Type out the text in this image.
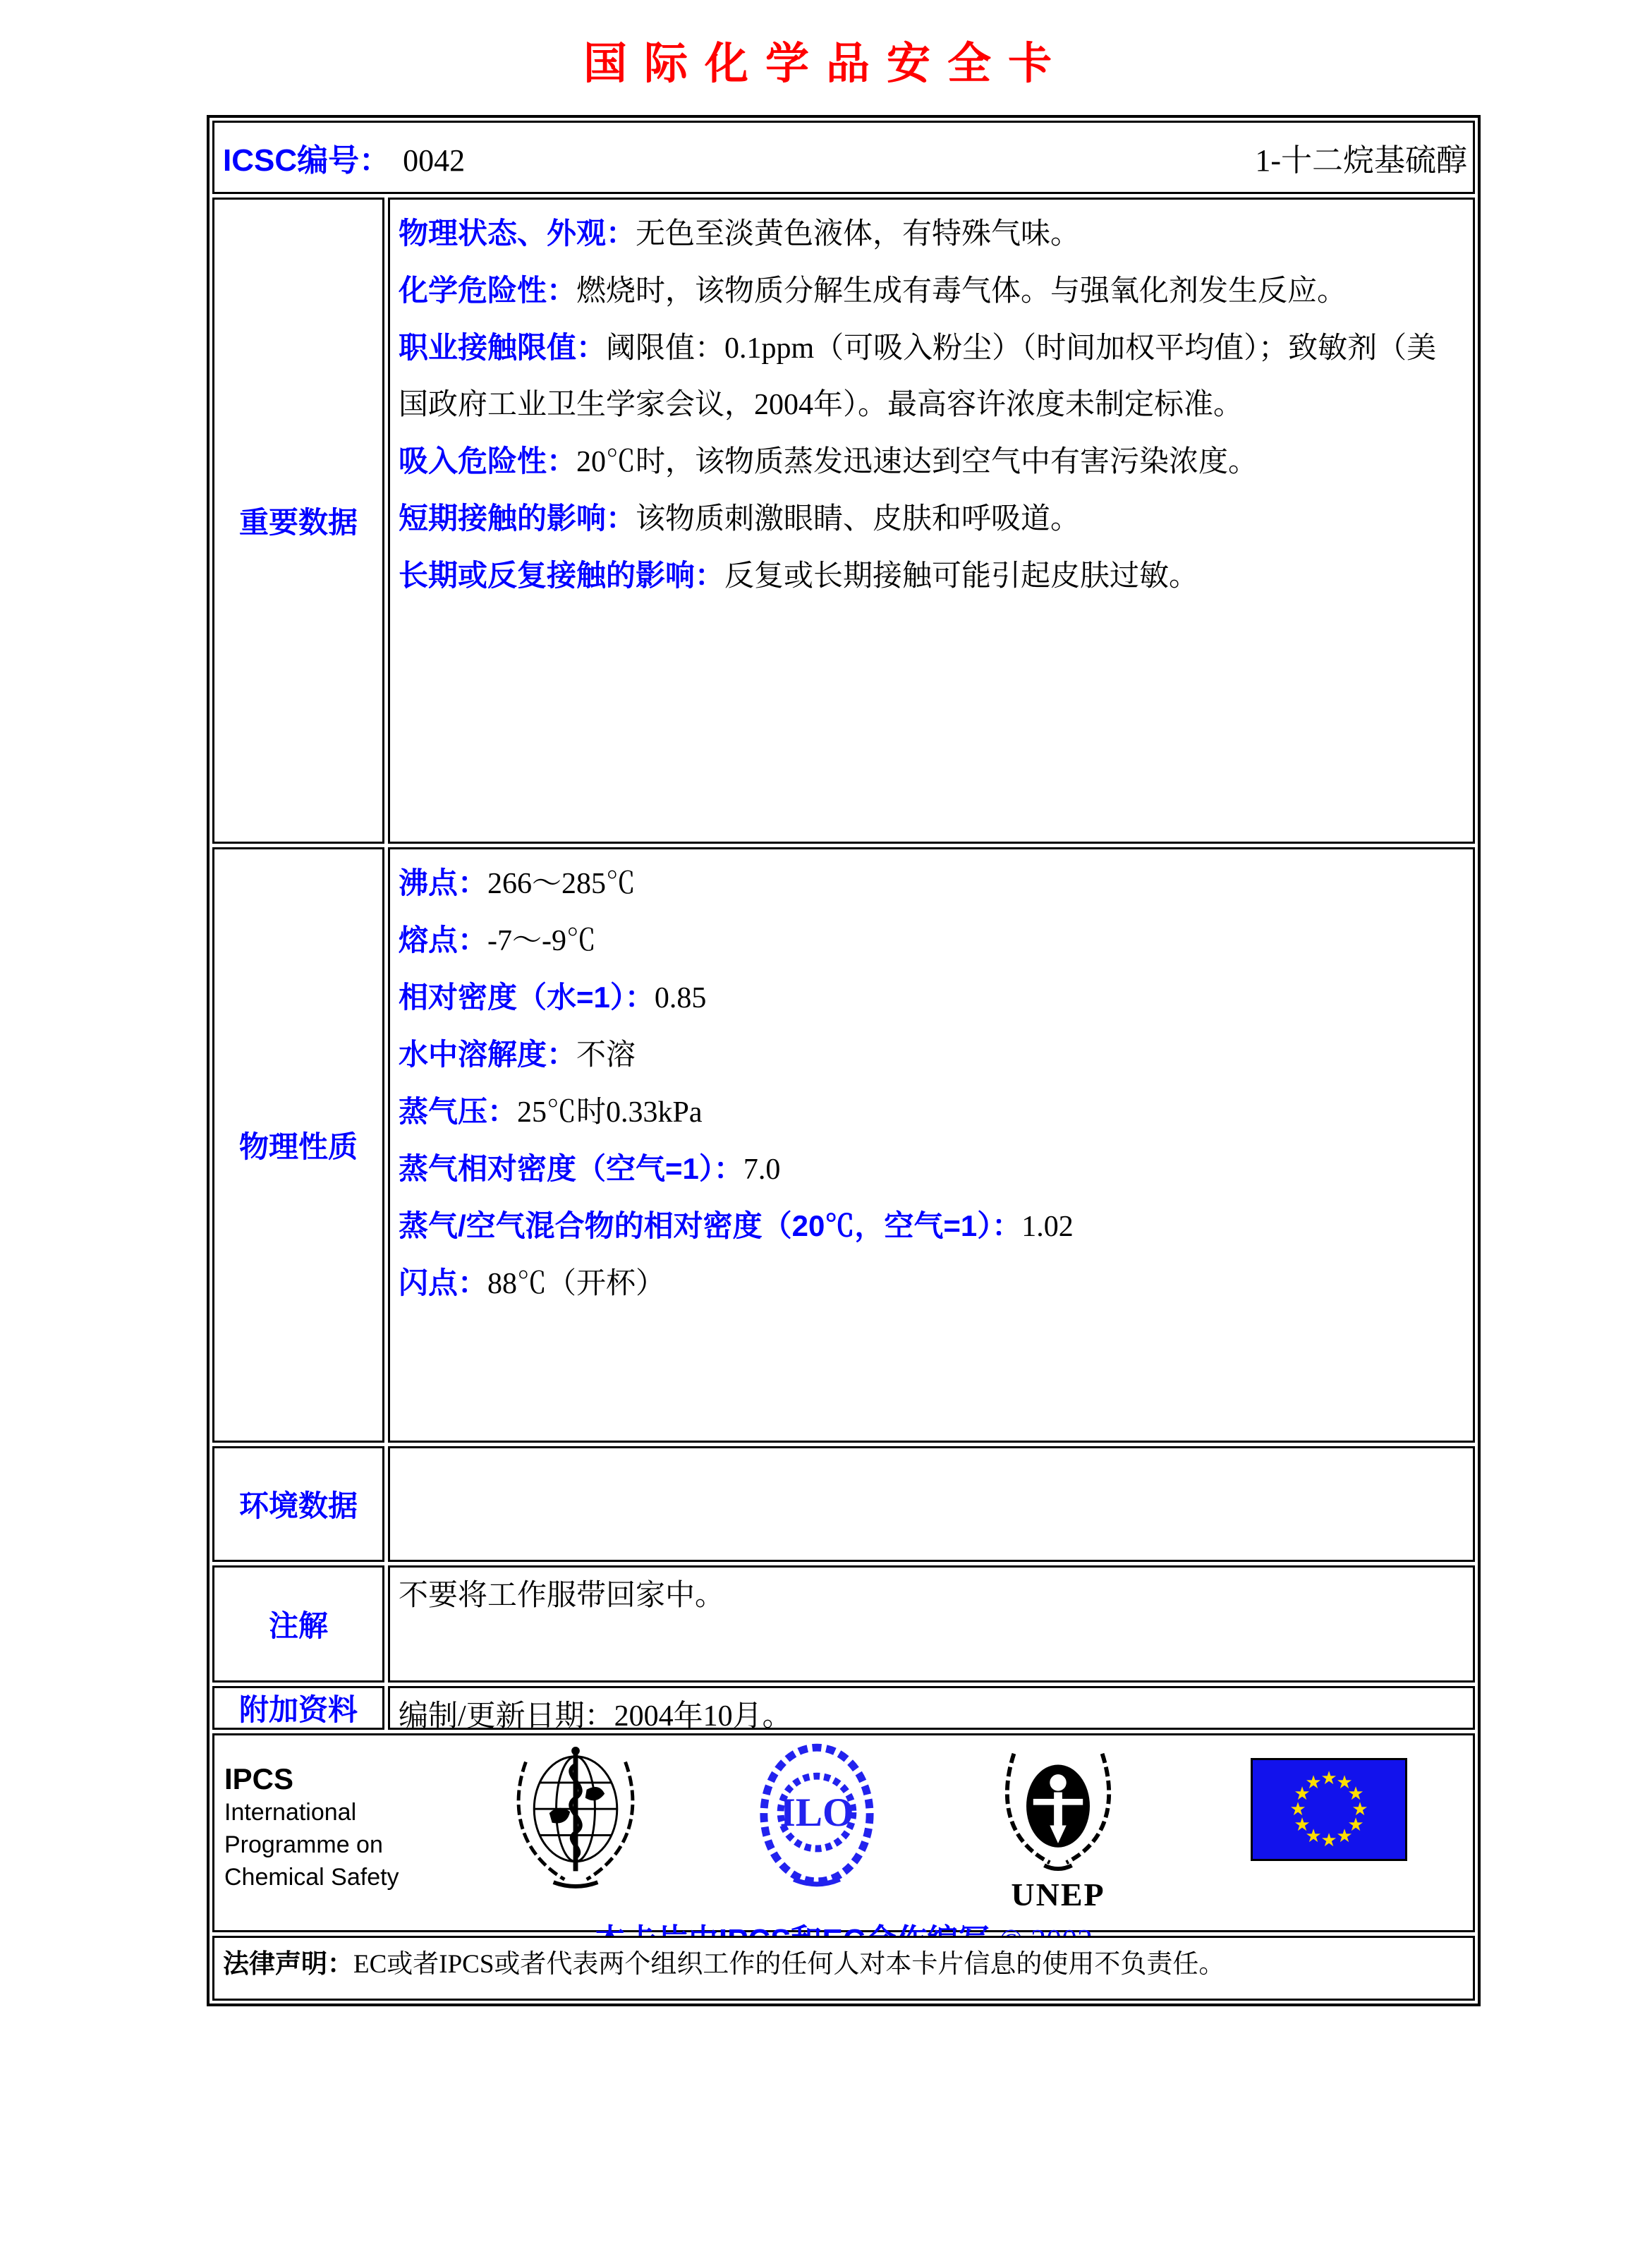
国际化学品安全卡
ICSC编号： 0042	1-十二烷基硫醇
重要数据
物理状态、外观：无色至淡黄色液体，有特殊气味。
化学危险性：燃烧时，该物质分解生成有毒气体。与强氧化剂发生反应。
职业接触限值：阈限值：0.1ppm（可吸入粉尘）（时间加权平均值）；致敏剂（美国政府工业卫生学家会议，2004年）。最高容许浓度未制定标准。
吸入危险性：20℃时，该物质蒸发迅速达到空气中有害污染浓度。
短期接触的影响：该物质刺激眼睛、皮肤和呼吸道。
长期或反复接触的影响：反复或长期接触可能引起皮肤过敏。
物理性质
沸点：266～285℃
熔点：-7～-9℃
相对密度（水=1）：0.85
水中溶解度：不溶
蒸气压：25℃时0.33kPa
蒸气相对密度（空气=1）：7.0
蒸气/空气混合物的相对密度（20℃，空气=1）：1.02
闪点：88℃（开杯）
环境数据
注解
不要将工作服带回家中。
附加资料	编制/更新日期：2004年10月。
IPCS
International
Programme on
Chemical Safety
ILO
UNEP
★
★
★
★
★
★
★
★
★
★
★
★
法律声明：EC或者IPCS或者代表两个组织工作的任何人对本卡片信息的使用不负责任。
